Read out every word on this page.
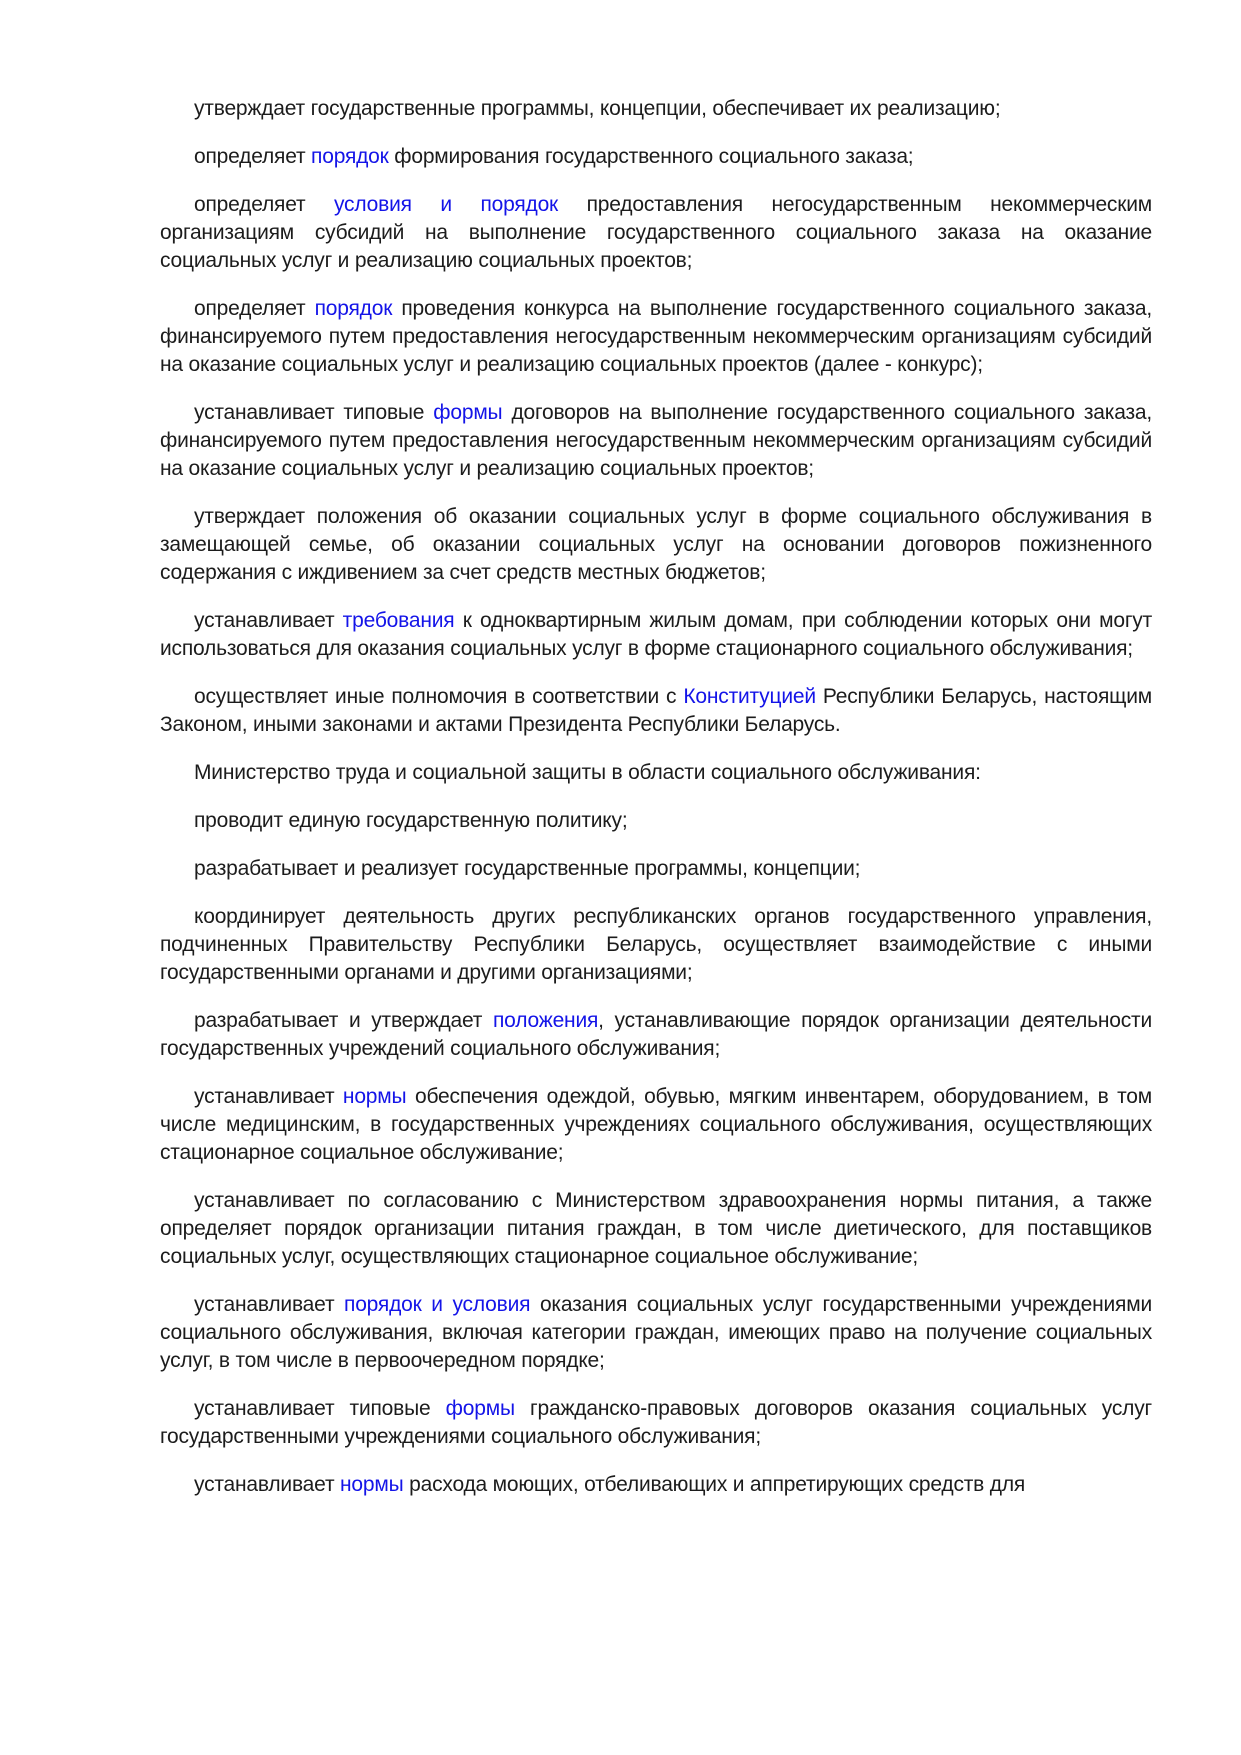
утверждает государственные программы, концепции, обеспечивает их реализацию;

определяет порядок формирования государственного социального заказа;

определяет условия и порядок предоставления негосударственным некоммерческим организациям субсидий на выполнение государственного социального заказа на оказание социальных услуг и реализацию социальных проектов;

определяет порядок проведения конкурса на выполнение государственного социального заказа, финансируемого путем предоставления негосударственным некоммерческим организациям субсидий на оказание социальных услуг и реализацию социальных проектов (далее - конкурс);

устанавливает типовые формы договоров на выполнение государственного социального заказа, финансируемого путем предоставления негосударственным некоммерческим организациям субсидий на оказание социальных услуг и реализацию социальных проектов;

утверждает положения об оказании социальных услуг в форме социального обслуживания в замещающей семье, об оказании социальных услуг на основании договоров пожизненного содержания с иждивением за счет средств местных бюджетов;

устанавливает требования к одноквартирным жилым домам, при соблюдении которых они могут использоваться для оказания социальных услуг в форме стационарного социального обслуживания;

осуществляет иные полномочия в соответствии с Конституцией Республики Беларусь, настоящим Законом, иными законами и актами Президента Республики Беларусь.

Министерство труда и социальной защиты в области социального обслуживания:

проводит единую государственную политику;

разрабатывает и реализует государственные программы, концепции;

координирует деятельность других республиканских органов государственного управления, подчиненных Правительству Республики Беларусь, осуществляет взаимодействие с иными государственными органами и другими организациями;

разрабатывает и утверждает положения, устанавливающие порядок организации деятельности государственных учреждений социального обслуживания;

устанавливает нормы обеспечения одеждой, обувью, мягким инвентарем, оборудованием, в том числе медицинским, в государственных учреждениях социального обслуживания, осуществляющих стационарное социальное обслуживание;

устанавливает по согласованию с Министерством здравоохранения нормы питания, а также определяет порядок организации питания граждан, в том числе диетического, для поставщиков социальных услуг, осуществляющих стационарное социальное обслуживание;

устанавливает порядок и условия оказания социальных услуг государственными учреждениями социального обслуживания, включая категории граждан, имеющих право на получение социальных услуг, в том числе в первоочередном порядке;

устанавливает типовые формы гражданско-правовых договоров оказания социальных услуг государственными учреждениями социального обслуживания;

устанавливает нормы расхода моющих, отбеливающих и аппретирующих средств для
